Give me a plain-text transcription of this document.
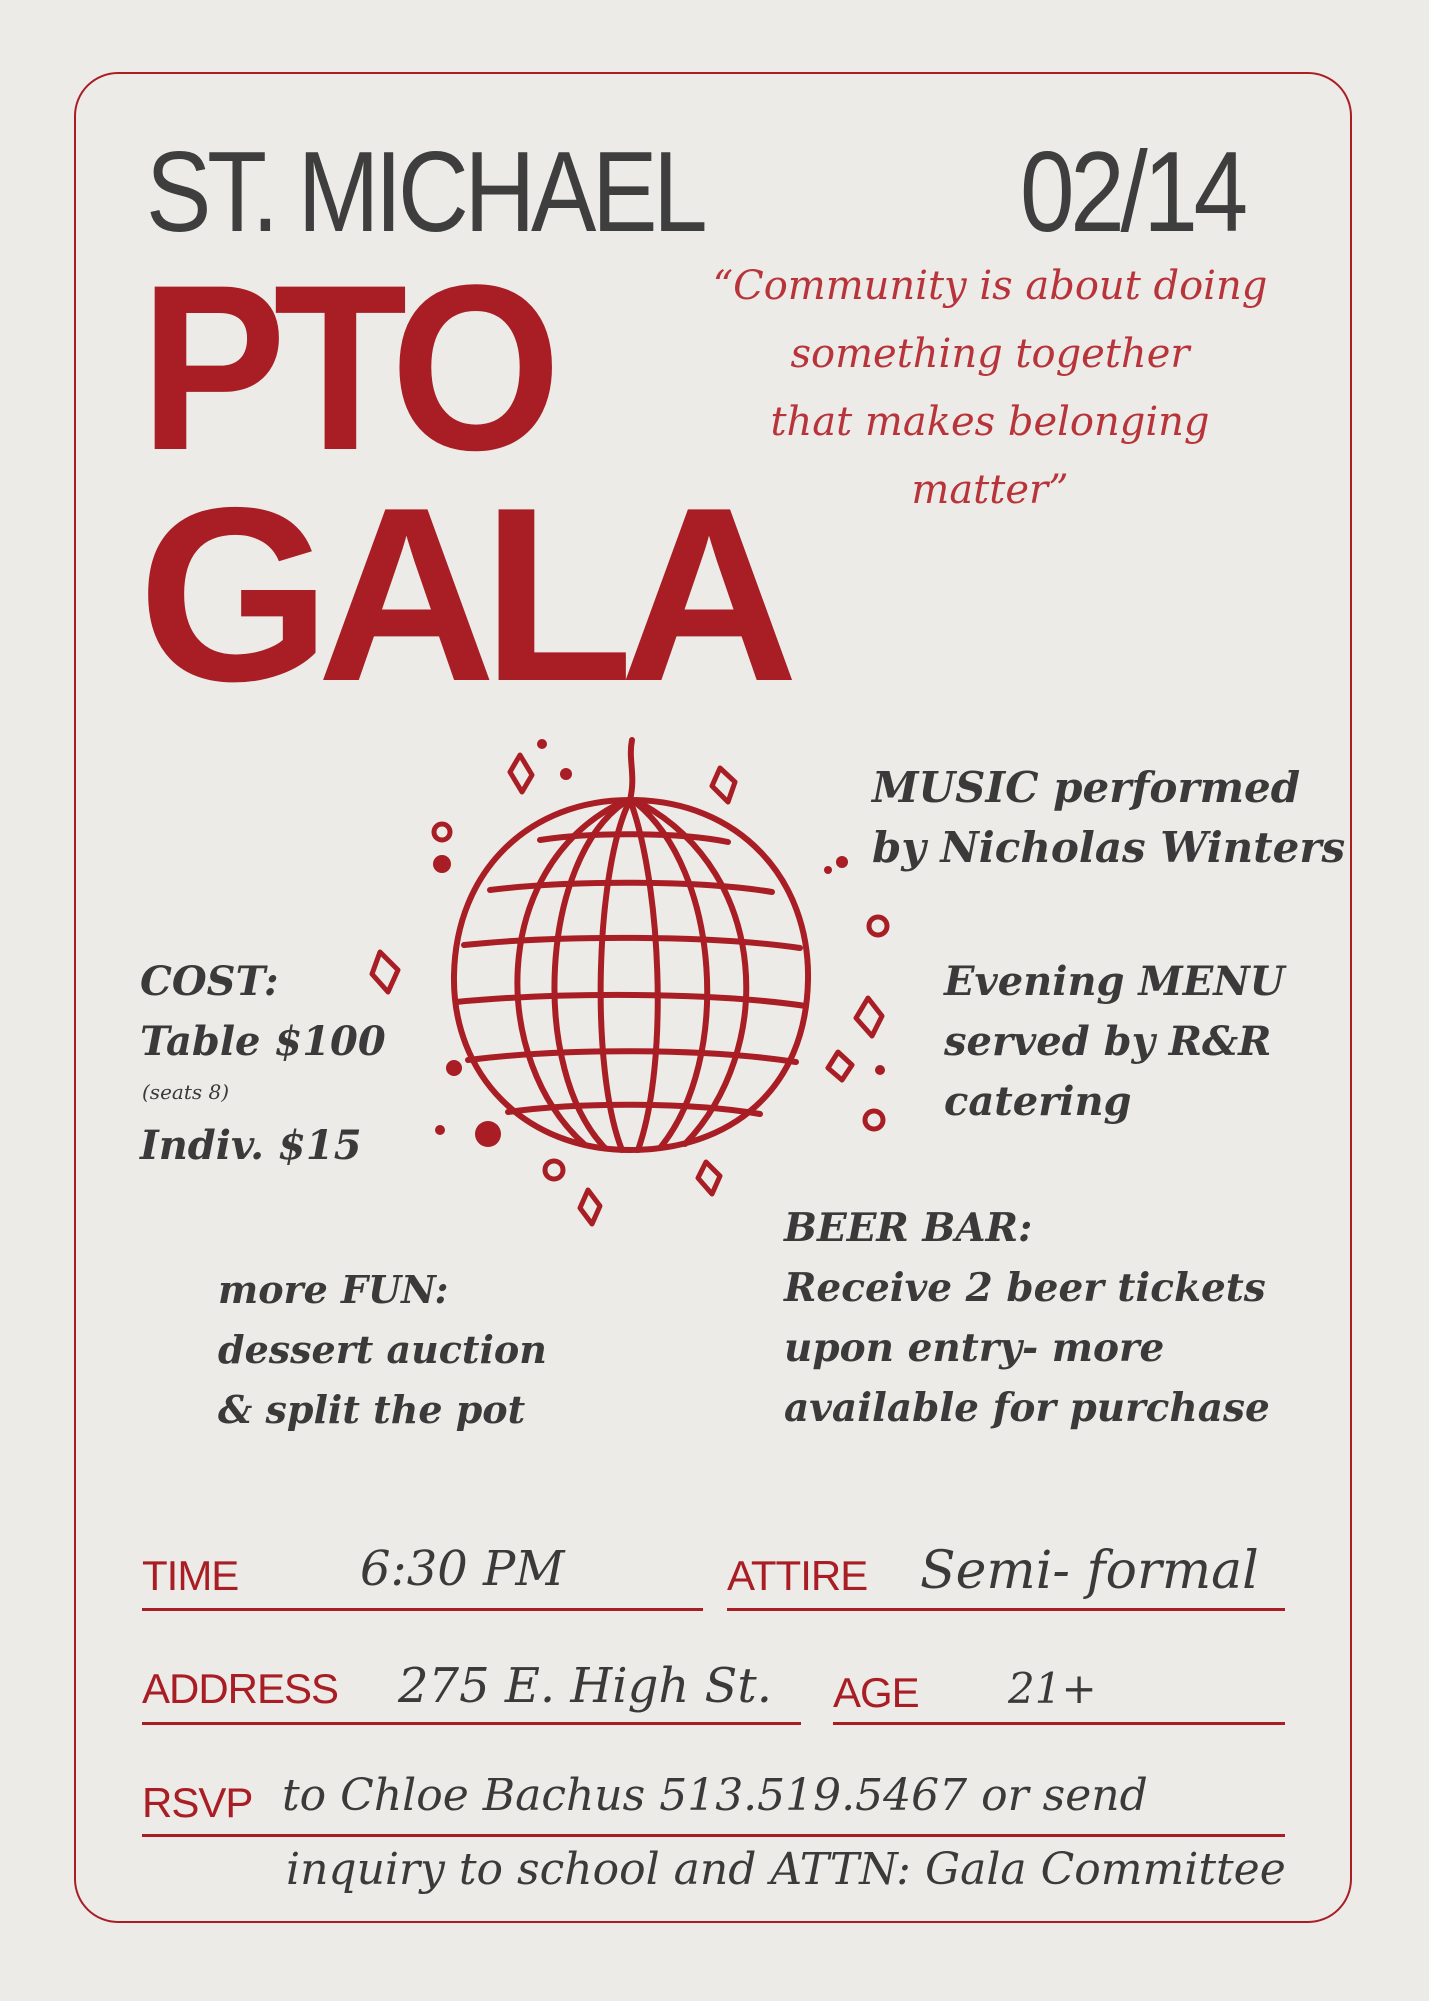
ST. MICHAEL	02/14
PTO
GALA
“Community is about doing
something together
that makes belonging
matter”
MUSIC performed
by Nicholas Winters
COST:
Table $100
(seats 8)
Indiv. $15
Evening MENU
served by R&R
catering
BEER BAR:
Receive 2 beer tickets
upon entry- more
available for purchase
more FUN:
dessert auction
& split the pot
TIME	6:30 PM	ATTIRE Semi- formal
ADDRESS 275 E. High St. AGE 21+
RSVP to Chloe Bachus 513.519.5467 or send
inquiry to school and ATTN: Gala Committee
